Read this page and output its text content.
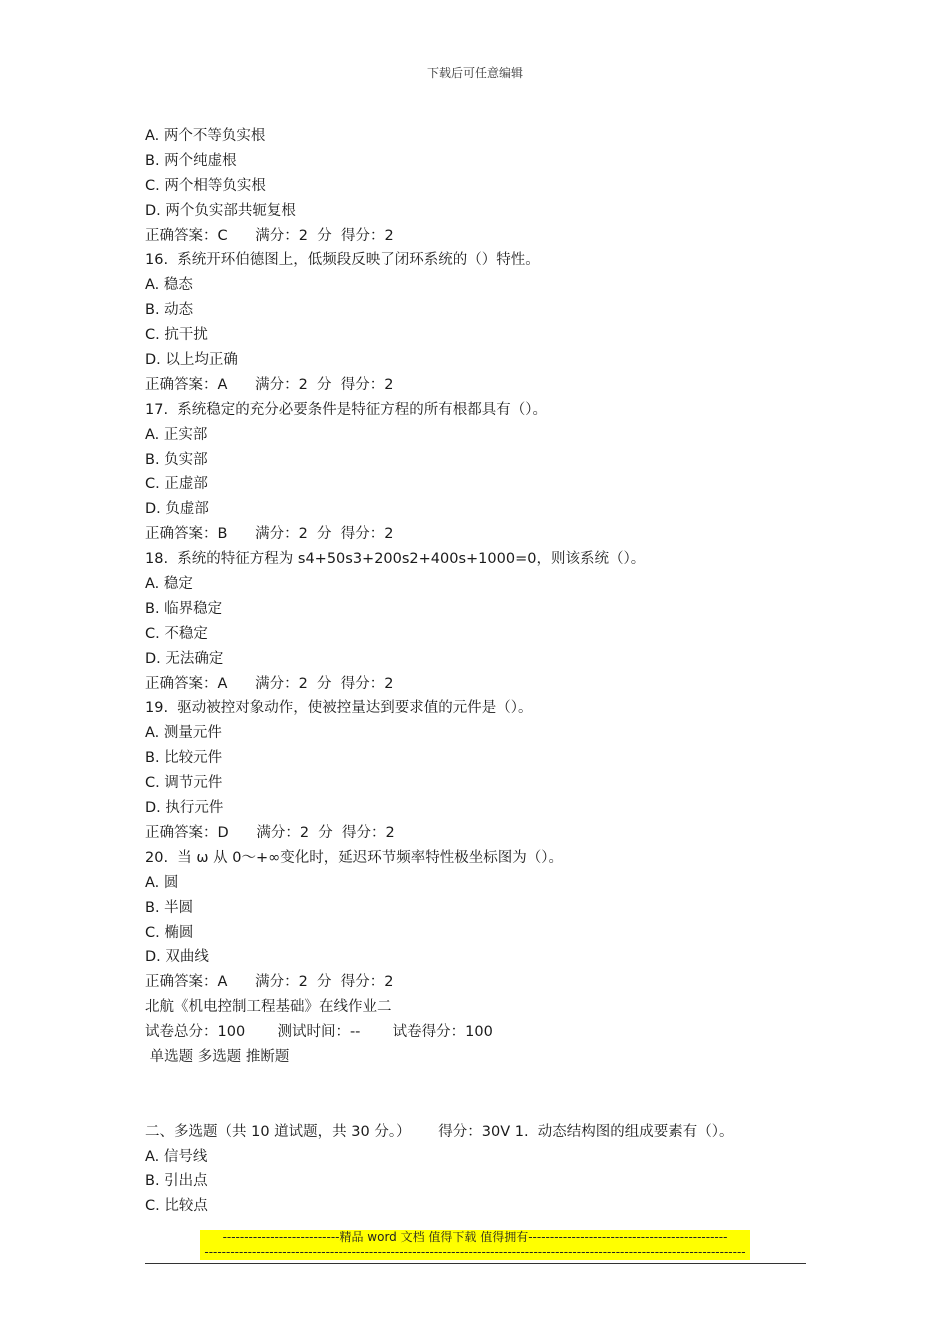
下载后可任意编辑
A. 两个不等负实根
B. 两个纯虚根
C. 两个相等负实根
D. 两个负实部共轭复根
正确答案：C      满分：2  分  得分：2
16.  系统开环伯德图上，低频段反映了闭环系统的（）特性。
A. 稳态
B. 动态
C. 抗干扰
D. 以上均正确
正确答案：A      满分：2  分  得分：2
17.  系统稳定的充分必要条件是特征方程的所有根都具有（）。
A. 正实部
B. 负实部
C. 正虚部
D. 负虚部
正确答案：B      满分：2  分  得分：2
18.  系统的特征方程为 s4+50s3+200s2+400s+1000=0，则该系统（）。
A. 稳定
B. 临界稳定
C. 不稳定
D. 无法确定
正确答案：A      满分：2  分  得分：2
19.  驱动被控对象动作，使被控量达到要求值的元件是（）。
A. 测量元件
B. 比较元件
C. 调节元件
D. 执行元件
正确答案：D      满分：2  分  得分：2
20.  当 ω 从 0～+∞变化时，延迟环节频率特性极坐标图为（）。
A. 圆
B. 半圆
C. 椭圆
D. 双曲线
正确答案：A      满分：2  分  得分：2
北航《机电控制工程基础》在线作业二
试卷总分：100       测试时间：--       试卷得分：100
单选题 多选题 推断题
二、多选题（共 10 道试题，共 30 分。）      得分：30V 1.  动态结构图的组成要素有（）。
A. 信号线
B. 引出点
C. 比较点
---------------------------精品 word 文档 值得下载 值得拥有----------------------------------------------
-----------------------------------------------------------------------------------------------------------------------------
